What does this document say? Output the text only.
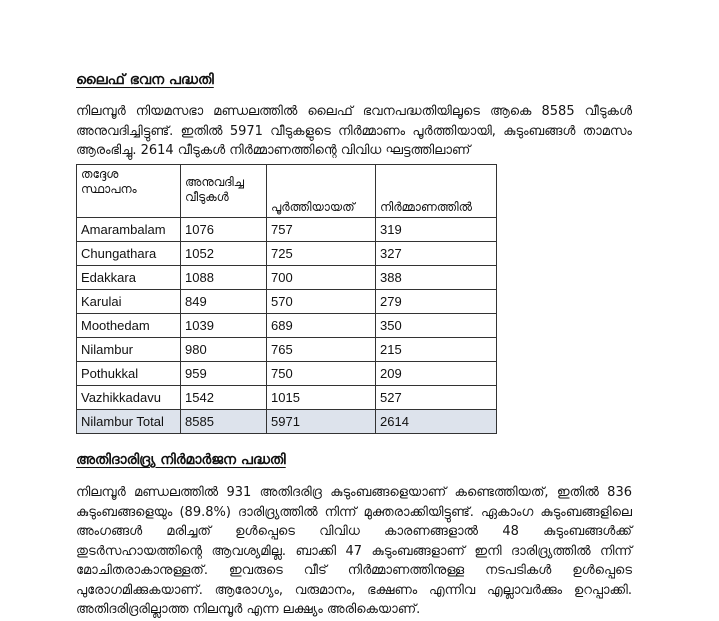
ലൈഫ് ഭവന പദ്ധതി
നിലമ്പൂർ നിയമസഭാ മണ്ഡലത്തിൽ ലൈഫ് ഭവനപദ്ധതിയിലൂടെ ആകെ 8585 വീടുകൾ അനുവദിച്ചിട്ടുണ്ട്. ഇതിൽ 5971 വീടുകളുടെ നിർമ്മാണം പൂർത്തിയായി, കുടുംബങ്ങൾ താമസം ആരംഭിച്ചു. 2614 വീടുകൾ നിർമ്മാണത്തിന്റെ വിവിധ ഘട്ടത്തിലാണ്
തദ്ദേശ സ്ഥാപനം	അനുവദിച്ച വീടുകൾ	പൂർത്തിയായത്	നിർമ്മാണത്തിൽ
Amarambalam	1076	757	319
Chungathara	1052	725	327
Edakkara	1088	700	388
Karulai	849	570	279
Moothedam	1039	689	350
Nilambur	980	765	215
Pothukkal	959	750	209
Vazhikkadavu	1542	1015	527
Nilambur Total	8585	5971	2614
അതിദാരിദ്ര്യ നിർമാർജന പദ്ധതി
നിലമ്പൂർ മണ്ഡലത്തിൽ 931 അതിദരിദ്ര കുടുംബങ്ങളെയാണ് കണ്ടെത്തിയത്, ഇതിൽ 836 കുടുംബങ്ങളെയും (89.8%) ദാരിദ്ര്യത്തിൽ നിന്ന് മുക്തരാക്കിയിട്ടുണ്ട്. ഏകാംഗ കുടുംബങ്ങളിലെ അംഗങ്ങൾ മരിച്ചത് ഉൾപ്പെടെ വിവിധ കാരണങ്ങളാൽ 48 കുടുംബങ്ങൾക്ക് തുടർസഹായത്തിന്റെ ആവശ്യമില്ല. ബാക്കി 47 കുടുംബങ്ങളാണ് ഇനി ദാരിദ്ര്യത്തിൽ നിന്ന് മോചിതരാകാനുള്ളത്. ഇവരുടെ വീട് നിർമ്മാണത്തിനുള്ള നടപടികൾ ഉൾപ്പെടെ പുരോഗമിക്കുകയാണ്. ആരോഗ്യം, വരുമാനം, ഭക്ഷണം എന്നിവ എല്ലാവർക്കും ഉറപ്പാക്കി. അതിദരിദ്രരില്ലാത്ത നിലമ്പൂർ എന്ന ലക്ഷ്യം അരികെയാണ്.
